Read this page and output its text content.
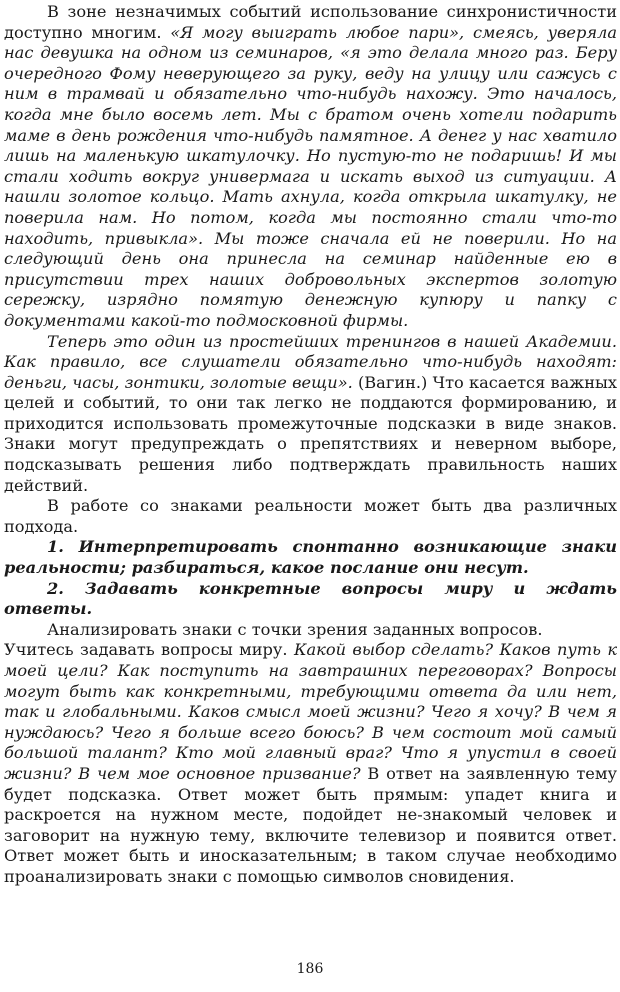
В зоне незначимых событий использование синхронистичности доступно многим. «Я могу выиграть любое пари», смеясь, уверяла нас девушка на одном из семинаров, «я это делала много раз. Беру очередного Фому неверующего за руку, веду на улицу или сажусь с ним в трамвай и обязательно что-нибудь нахожу. Это началось, когда мне было восемь лет. Мы с братом очень хотели подарить маме в день рождения что-нибудь памятное. А денег у нас хватило лишь на маленькую шкатулочку. Но пустую-то не подаришь! И мы стали ходить вокруг универмага и искать выход из ситуации. А нашли золотое кольцо. Мать ахнула, когда открыла шкатулку, не поверила нам. Но потом, когда мы постоянно стали что-то находить, привыкла». Мы тоже сначала ей не поверили. Но на следующий день она принесла на семинар найденные ею в присутствии трех наших добровольных экспертов золотую сережку, изрядно помятую денежную купюру и папку с документами какой-то подмосковной фирмы.

Теперь это один из простейших тренингов в нашей Академии. Как правило, все слушатели обязательно что-нибудь находят: деньги, часы, зонтики, золотые вещи». (Вагин.) Что касается важных целей и событий, то они так легко не поддаются формированию, и приходится использовать промежуточные подсказки в виде знаков. Знаки могут предупреждать о препятствиях и неверном выборе, подсказывать решения либо подтверждать правильность наших действий.

В работе со знаками реальности может быть два различных подхода.

1. Интерпретировать спонтанно возникающие знаки реальности; разбираться, какое послание они несут.

2. Задавать конкретные вопросы миру и ждать ответы.

Анализировать знаки с точки зрения заданных вопросов.

Учитесь задавать вопросы миру. Какой выбор сделать? Каков путь к моей цели? Как поступить на завтрашних переговорах? Вопросы могут быть как конкретными, требующими ответа да или нет, так и глобальными. Каков смысл моей жизни? Чего я хочу? В чем я нуждаюсь? Чего я больше всего боюсь? В чем состоит мой самый большой талант? Кто мой главный враг? Что я упустил в своей жизни? В чем мое основное призвание? В ответ на заявленную тему будет подсказка. Ответ может быть прямым: упадет книга и раскроется на нужном месте, подойдет не-знакомый человек и заговорит на нужную тему, включите телевизор и появится ответ. Ответ может быть и иносказательным; в таком случае необходимо проанализировать знаки с помощью символов сновидения.

186
